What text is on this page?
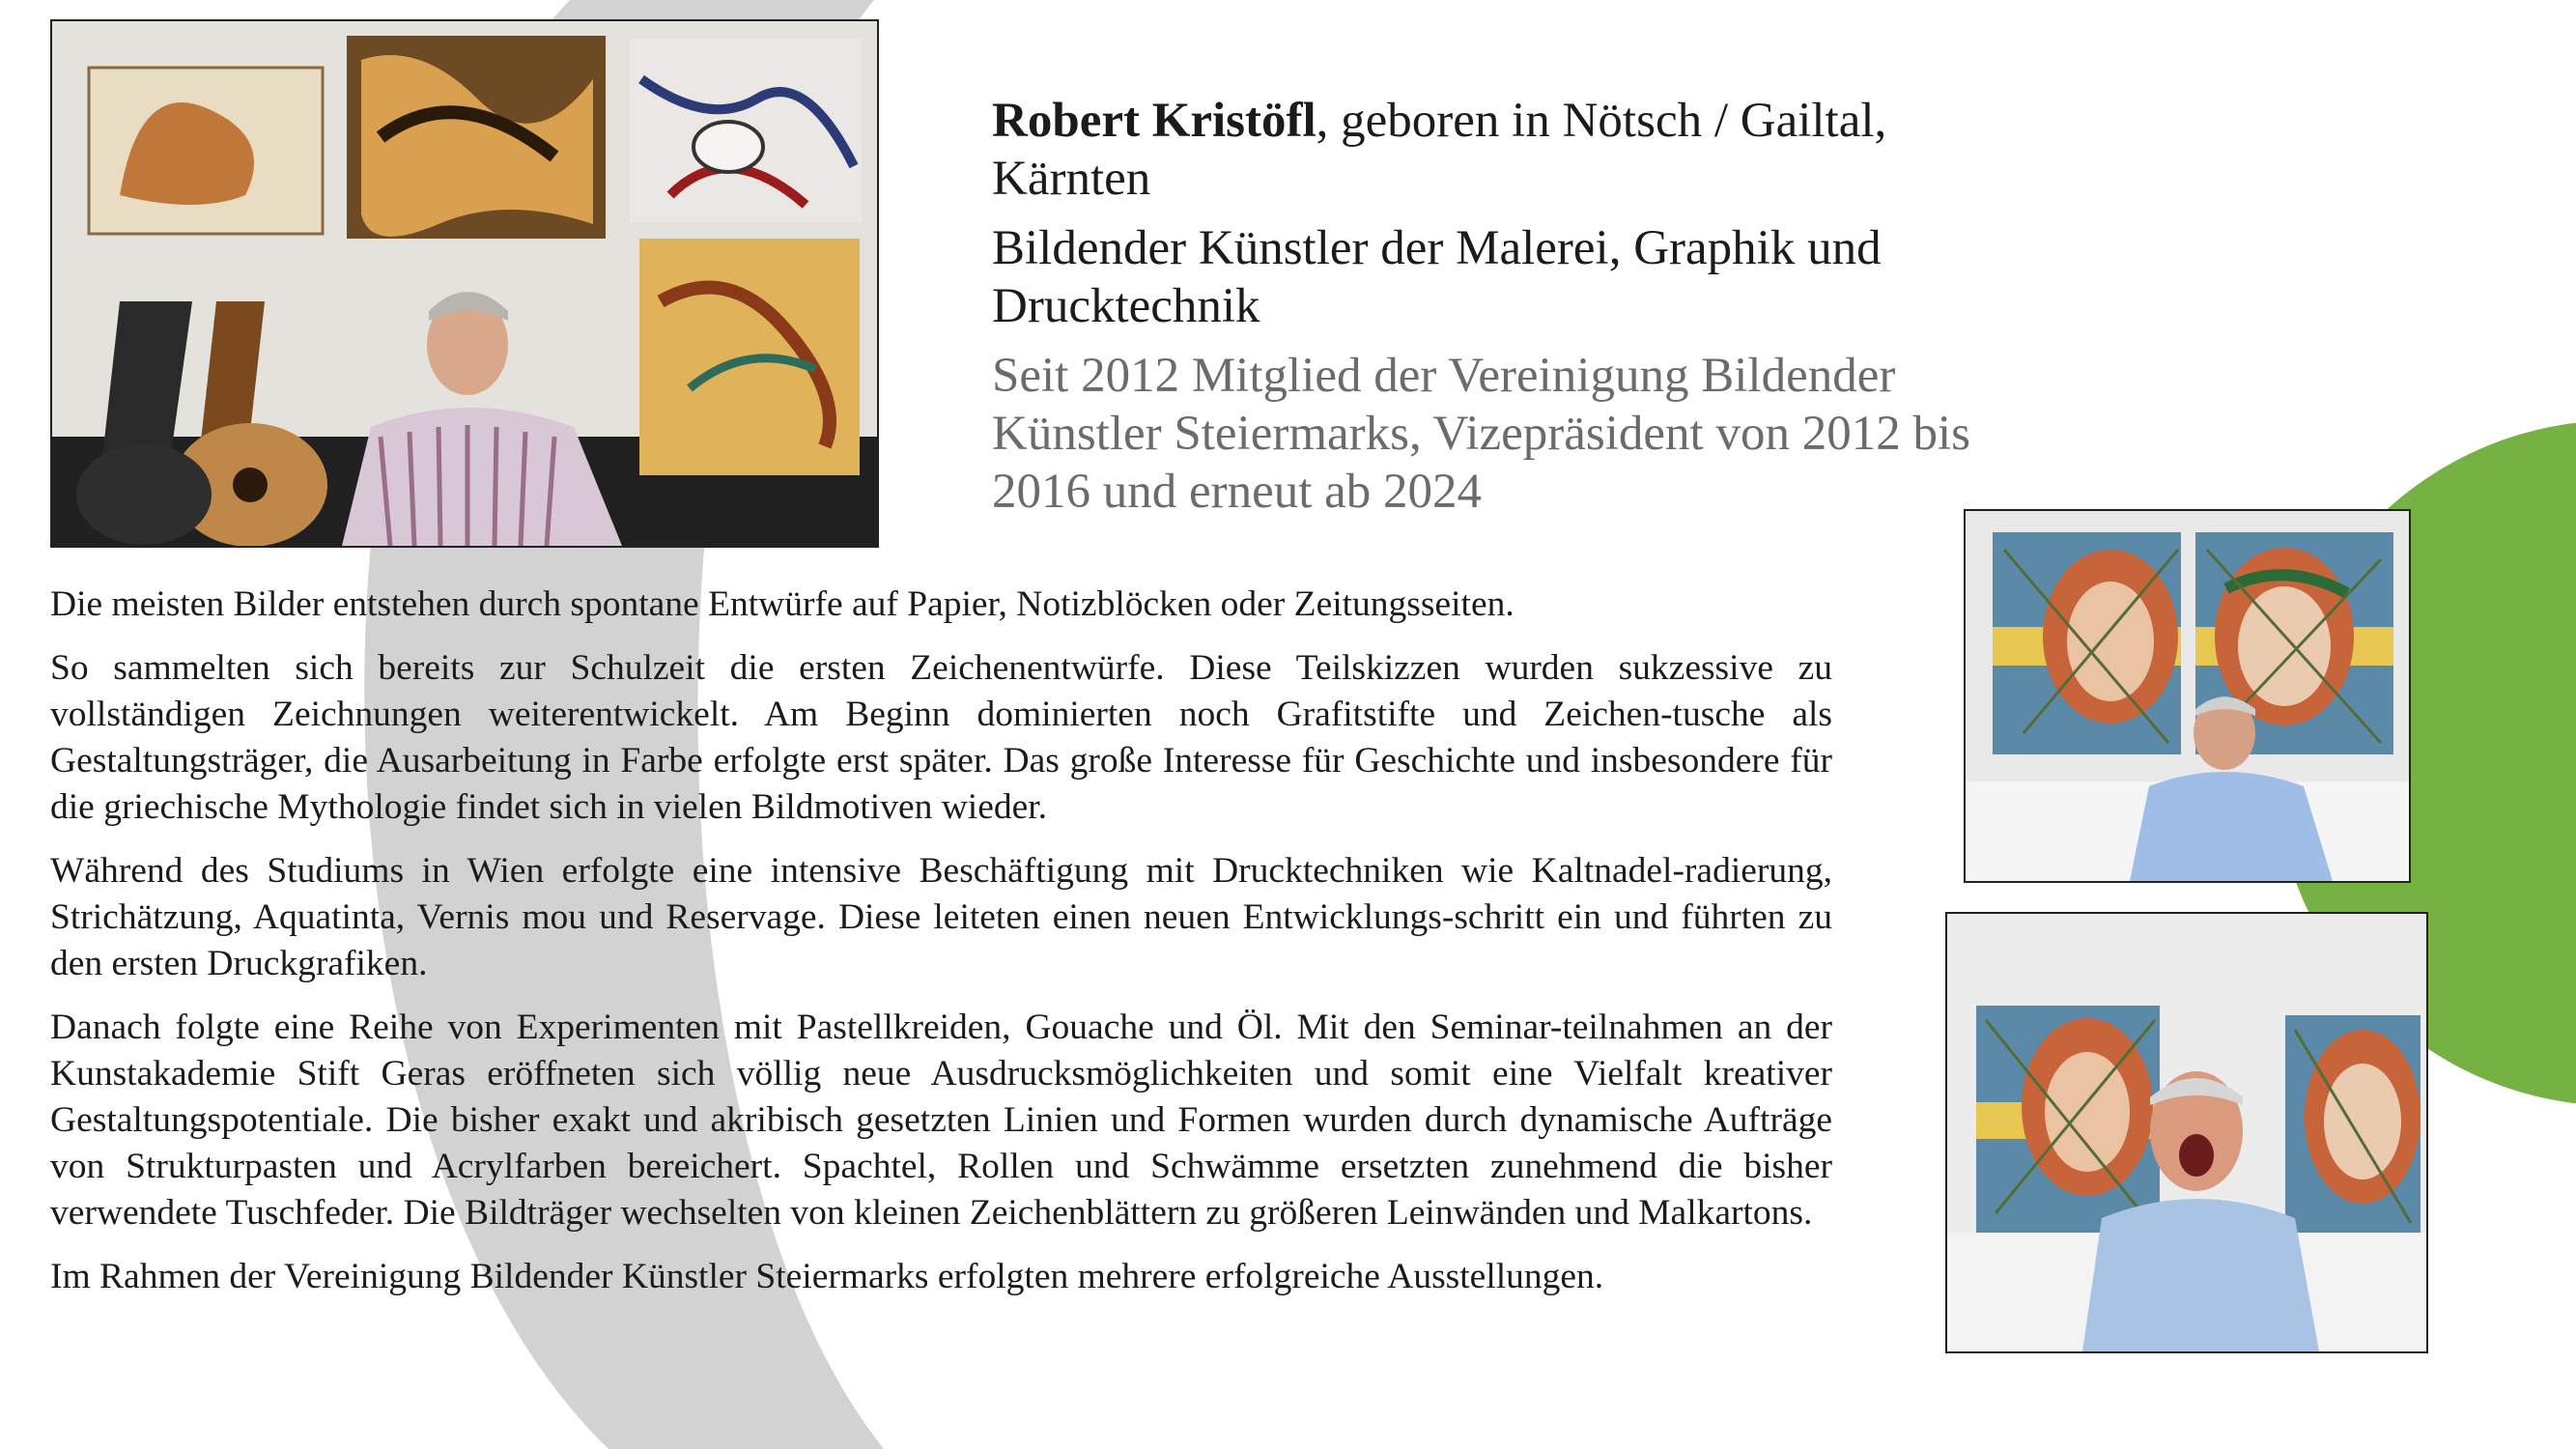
Robert Kristöfl, geboren in Nötsch / Gailtal, Kärnten

Bildender Künstler der Malerei, Graphik und Drucktechnik

Seit 2012 Mitglied der Vereinigung Bildender Künstler Steiermarks, Vizepräsident von 2012 bis 2016 und erneut ab 2024

Die meisten Bilder entstehen durch spontane Entwürfe auf Papier, Notizblöcken oder Zeitungsseiten.

So sammelten sich bereits zur Schulzeit die ersten Zeichenentwürfe. Diese Teilskizzen wurden sukzessive zu vollständigen Zeichnungen weiterentwickelt. Am Beginn dominierten noch Grafitstifte und Zeichen-tusche als Gestaltungsträger, die Ausarbeitung in Farbe erfolgte erst später. Das große Interesse für Geschichte und insbesondere für die griechische Mythologie findet sich in vielen Bildmotiven wieder.

Während des Studiums in Wien erfolgte eine intensive Beschäftigung mit Drucktechniken wie Kaltnadel-radierung, Strichätzung, Aquatinta, Vernis mou und Reservage. Diese leiteten einen neuen Entwicklungs-schritt ein und führten zu den ersten Druckgrafiken.

Danach folgte eine Reihe von Experimenten mit Pastellkreiden, Gouache und Öl. Mit den Seminar-teilnahmen an der Kunstakademie Stift Geras eröffneten sich völlig neue Ausdrucksmöglichkeiten und somit eine Vielfalt kreativer Gestaltungspotentiale. Die bisher exakt und akribisch gesetzten Linien und Formen wurden durch dynamische Aufträge von Strukturpasten und Acrylfarben bereichert. Spachtel, Rollen und Schwämme ersetzten zunehmend die bisher verwendete Tuschfeder. Die Bildträger wechselten von kleinen Zeichenblättern zu größeren Leinwänden und Malkartons.

Im Rahmen der Vereinigung Bildender Künstler Steiermarks erfolgten mehrere erfolgreiche Ausstellungen.
